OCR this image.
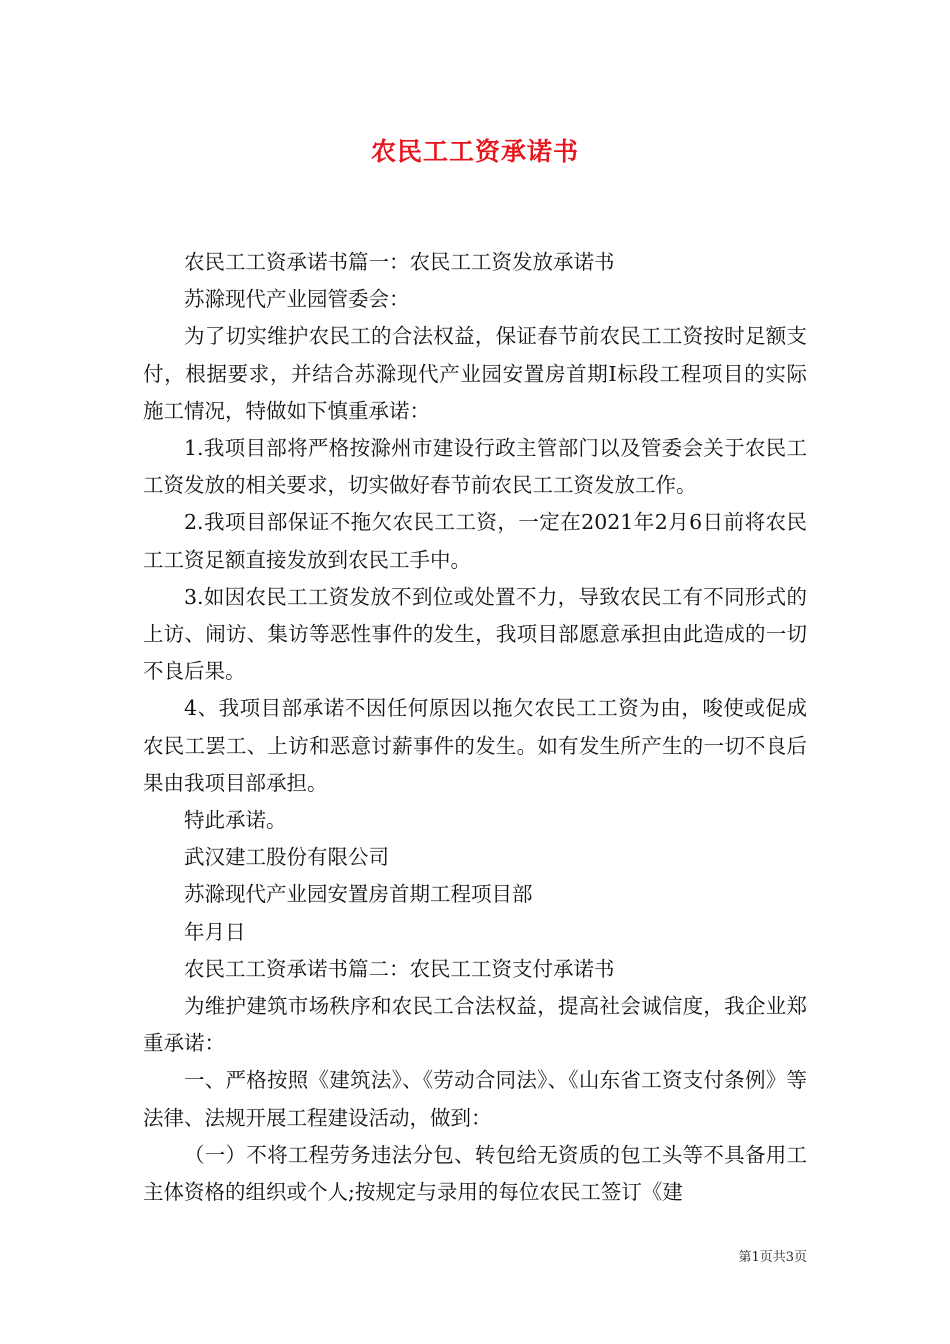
农民工工资承诺书

农民工工资承诺书篇一：农民工工资发放承诺书

苏滁现代产业园管委会：

为了切实维护农民工的合法权益，保证春节前农民工工资按时足额支付，根据要求，并结合苏滁现代产业园安置房首期Ⅰ标段工程项目的实际施工情况，特做如下慎重承诺：

1.我项目部将严格按滁州市建设行政主管部门以及管委会关于农民工工资发放的相关要求，切实做好春节前农民工工资发放工作。

2.我项目部保证不拖欠农民工工资，一定在2021年2月6日前将农民工工资足额直接发放到农民工手中。

3.如因农民工工资发放不到位或处置不力，导致农民工有不同形式的上访、闹访、集访等恶性事件的发生，我项目部愿意承担由此造成的一切不良后果。

4、我项目部承诺不因任何原因以拖欠农民工工资为由，唆使或促成农民工罢工、上访和恶意讨薪事件的发生。如有发生所产生的一切不良后果由我项目部承担。

特此承诺。

武汉建工股份有限公司

苏滁现代产业园安置房首期工程项目部

年月日

农民工工资承诺书篇二：农民工工资支付承诺书

为维护建筑市场秩序和农民工合法权益，提高社会诚信度，我企业郑重承诺：

一、严格按照《建筑法》、《劳动合同法》、《山东省工资支付条例》等法律、法规开展工程建设活动，做到：

（一）不将工程劳务违法分包、转包给无资质的包工头等不具备用工主体资格的组织或个人;按规定与录用的每位农民工签订《建

第1页共3页
